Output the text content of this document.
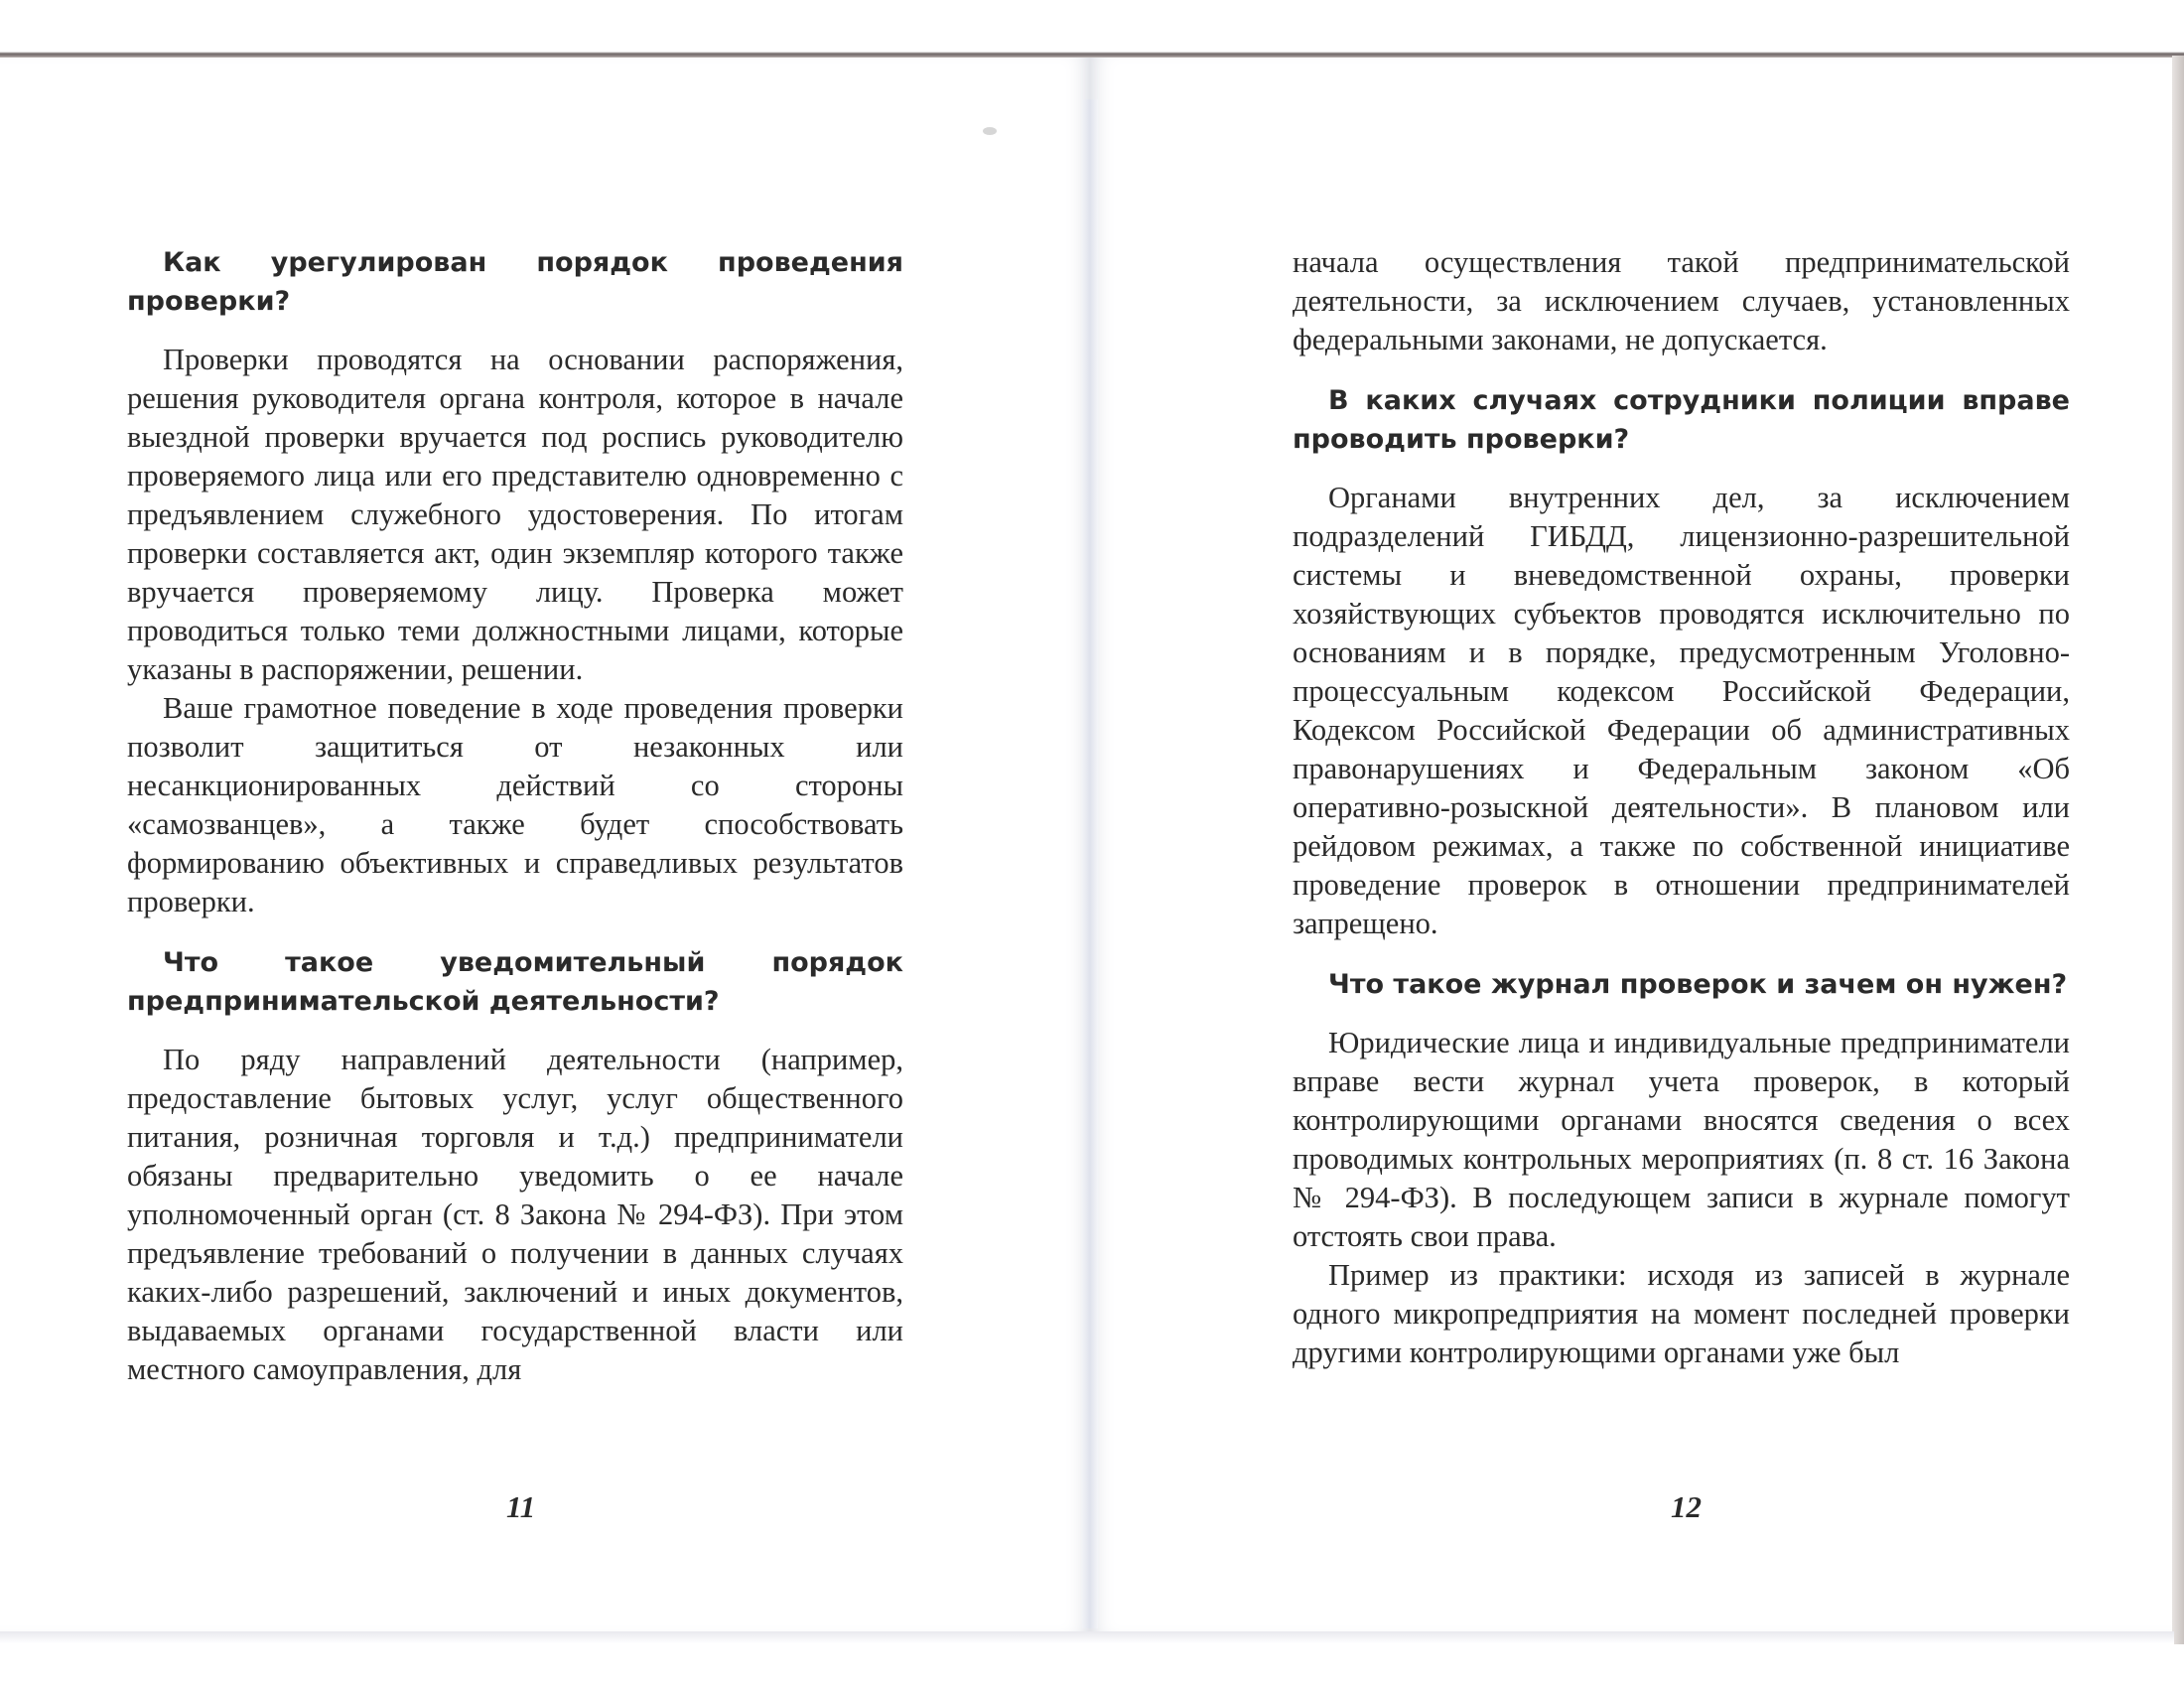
Как урегулирован порядок проведения проверки?

Проверки проводятся на основании распоряжения, решения руководителя органа контроля, которое в начале выездной проверки вручается под роспись руководителю проверяемого лица или его представителю одновременно с предъявлением служебного удостоверения. По итогам проверки составляется акт, один экземпляр которого также вручается проверяемому лицу. Проверка может проводиться только теми должностными лицами, которые указаны в распоряжении, решении.

Ваше грамотное поведение в ходе проведения проверки позволит защититься от незаконных или несанкционированных действий со стороны «самозванцев», а также будет способствовать формированию объективных и справедливых результатов проверки.

Что такое уведомительный порядок предпринимательской деятельности?

По ряду направлений деятельности (например, предоставление бытовых услуг, услуг общественного питания, розничная торговля и т.д.) предприниматели обязаны предварительно уведомить о ее начале уполномоченный орган (ст. 8 Закона № 294-ФЗ). При этом предъявление требований о получении в данных случаях каких-либо разрешений, заключений и иных документов, выдаваемых органами государственной власти или местного самоуправления, для

11

начала осуществления такой предпринимательской деятельности, за исключением случаев, установленных федеральными законами, не допускается.

В каких случаях сотрудники полиции вправе проводить проверки?

Органами внутренних дел, за исключением подразделений ГИБДД, лицензионно-разрешительной системы и вневедомственной охраны, проверки хозяйствующих субъектов проводятся исключительно по основаниям и в порядке, предусмотренным Уголовно-процессуальным кодексом Российской Федерации, Кодексом Российской Федерации об административных правонарушениях и Федеральным законом «Об оперативно-розыскной деятельности». В плановом или рейдовом режимах, а также по собственной инициативе проведение проверок в отношении предпринимателей запрещено.

Что такое журнал проверок и зачем он нужен?

Юридические лица и индивидуальные предприниматели вправе вести журнал учета проверок, в который контролирующими органами вносятся сведения о всех проводимых контрольных мероприятиях (п. 8 ст. 16 Закона № 294-ФЗ). В последующем записи в журнале помогут отстоять свои права.

Пример из практики: исходя из записей в журнале одного микропредприятия на момент последней проверки другими контролирующими органами уже был

12
